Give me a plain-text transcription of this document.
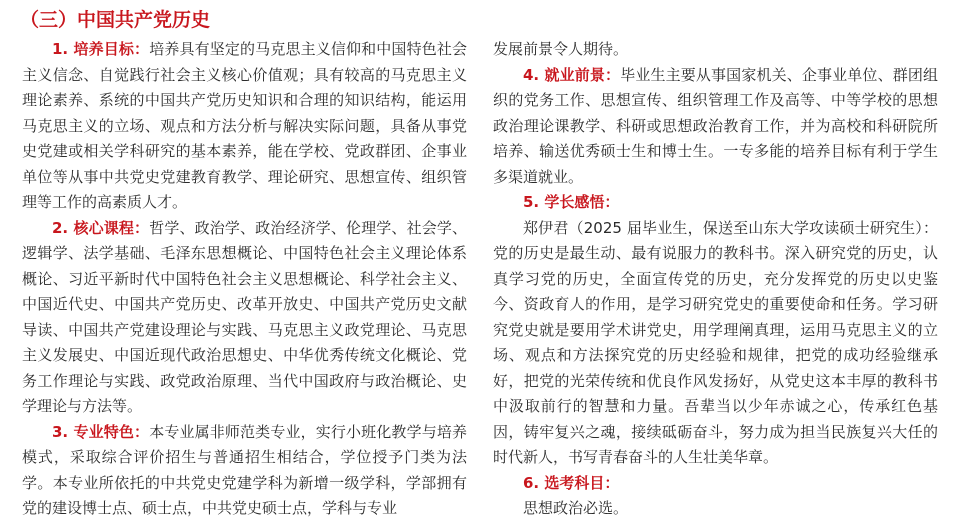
（三）中国共产党历史

1. 培养目标：培养具有坚定的马克思主义信仰和中国特色社会主义信念、自觉践行社会主义核心价值观；具有较高的马克思主义理论素养、系统的中国共产党历史知识和合理的知识结构，能运用马克思主义的立场、观点和方法分析与解决实际问题，具备从事党史党建或相关学科研究的基本素养，能在学校、党政群团、企事业单位等从事中共党史党建教育教学、理论研究、思想宣传、组织管理等工作的高素质人才。

2. 核心课程：哲学、政治学、政治经济学、伦理学、社会学、逻辑学、法学基础、毛泽东思想概论、中国特色社会主义理论体系概论、习近平新时代中国特色社会主义思想概论、科学社会主义、中国近代史、中国共产党历史、改革开放史、中国共产党历史文献导读、中国共产党建设理论与实践、马克思主义政党理论、马克思主义发展史、中国近现代政治思想史、中华优秀传统文化概论、党务工作理论与实践、政党政治原理、当代中国政府与政治概论、史学理论与方法等。

3. 专业特色：本专业属非师范类专业，实行小班化教学与培养模式，采取综合评价招生与普通招生相结合，学位授予门类为法学。本专业所依托的中共党史党建学科为新增一级学科，学部拥有党的建设博士点、硕士点，中共党史硕士点，学科与专业

发展前景令人期待。

4. 就业前景：毕业生主要从事国家机关、企事业单位、群团组织的党务工作、思想宣传、组织管理工作及高等、中等学校的思想政治理论课教学、科研或思想政治教育工作，并为高校和科研院所培养、输送优秀硕士生和博士生。一专多能的培养目标有利于学生多渠道就业。

5. 学长感悟：

郑伊君（2025 届毕业生，保送至山东大学攻读硕士研究生）：党的历史是最生动、最有说服力的教科书。深入研究党的历史，认真学习党的历史，全面宣传党的历史，充分发挥党的历史以史鉴今、资政育人的作用，是学习研究党史的重要使命和任务。学习研究党史就是要用学术讲党史，用学理阐真理，运用马克思主义的立场、观点和方法探究党的历史经验和规律，把党的成功经验继承好，把党的光荣传统和优良作风发扬好，从党史这本丰厚的教科书中汲取前行的智慧和力量。吾辈当以少年赤诚之心，传承红色基因，铸牢复兴之魂，接续砥砺奋斗，努力成为担当民族复兴大任的时代新人，书写青春奋斗的人生壮美华章。

6. 选考科目：

思想政治必选。
